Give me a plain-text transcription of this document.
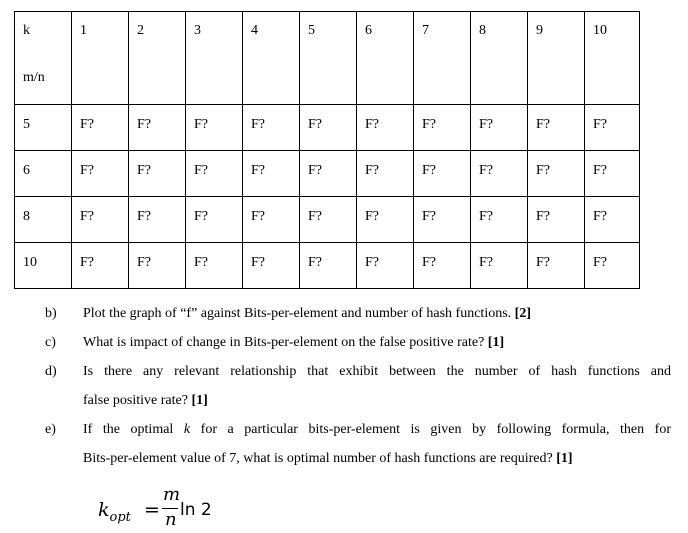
k
m/n	1	2	3	4	5	6	7	8	9	10

5	F?	F?	F?	F?	F?	F?	F?	F?	F?	F?

6	F?	F?	F?	F?	F?	F?	F?	F?	F?	F?

8	F?	F?	F?	F?	F?	F?	F?	F?	F?	F?

10	F?	F?	F?	F?	F?	F?	F?	F?	F?	F?
b) Plot the graph of “f” against Bits-per-element and number of hash functions. [2]
c) What is impact of change in Bits-per-element on the false positive rate? [1]
d) Is there any relevant relationship that exhibit between the number of hash functions and
false positive rate? [1]
e) If the optimal k for a particular bits-per-element is given by following formula, then for
Bits-per-element value of 7, what is optimal number of hash functions are required? [1]
$k_{opt}$ =
m
n ln 2
